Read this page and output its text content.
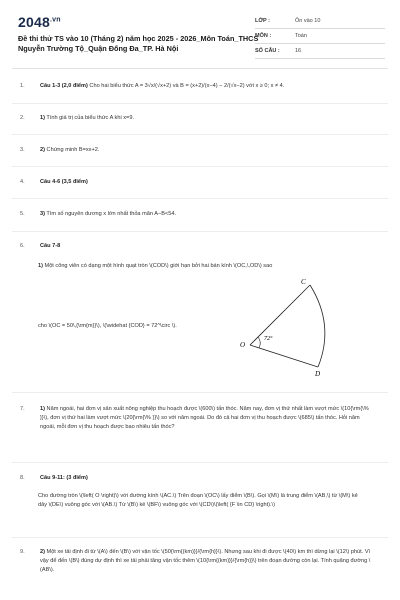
$2048^{.vn}$
Đề thi thử TS vào 10 (Tháng 2) năm học 2025 - 2026_Môn Toán_THCS Nguyễn Trường Tộ_Quận Đống Đa_TP. Hà Nội
LỚP :	Ôn vào 10
MÔN :	Toán
SỐ CÂU :	16
1.	Câu 1-3 (2,0 điểm) Cho hai biểu thức A = 3√x/(√x+2) và B = (x+2)/(x−4) − 2/(√x−2) với x ≥ 0; x ≠ 4.
2.	1) Tính giá trị của biểu thức A khi x=9.
3.	2) Chứng minh B=xx+2.
4.	Câu 4-6 (3,5 điểm)
5.	3) Tìm số nguyên dương x lớn nhất thỏa mãn A−B<54.
6.	Câu 7-8
1) Một công viên có dạng một hình quạt tròn \(COD\) giới hạn bởi hai bán kính \(OC,\,OD\) sao
cho \(OC = 50\,{\rm{m}}\), \(\widehat {COD} = 72^\circ \).
C
O
D
72°
7.	1) Năm ngoái, hai đơn vị sản xuất nông nghiệp thu hoạch được \(600\) tấn thóc. Năm nay, đơn vị thứ nhất làm vượt mức \(10{\rm{\% }}\), đơn vị thứ hai làm vượt mức \(20{\rm{\% }}\) so với năm ngoái. Do đó cả hai đơn vị thu hoạch được \(685\) tấn thóc. Hỏi năm ngoái, mỗi đơn vị thu hoạch được bao nhiêu tấn thóc?
8.	Câu 9-11: (3 điểm)
Cho đường tròn \(\left( O \right)\) với đường kính \(AC.\) Trên đoạn \(OC\) lấy điểm \(B\). Gọi \(M\) là trung điểm \(AB,\) từ \(M\) kẻ dây \(DE\) vuông góc với \(AB.\) Từ \(B\) kẻ \(BF\) vuông góc với \(CD\)\(\left( {F \in CD} \right).\)
9.	2) Một xe tải định đi từ \(A\) đến \(B\) với vận tốc \(50{\rm{(km)}}/{\rm{h}}\). Nhưng sau khi đi được \(40\) km thì dừng lại \(12\) phút. Vì vậy để đến \(B\) đúng dự định thì xe tải phải tăng vận tốc thêm \(10{\rm{(km)}}/{\rm{h}}\) trên đoạn đường còn lại. Tính quãng đường \(AB\).
